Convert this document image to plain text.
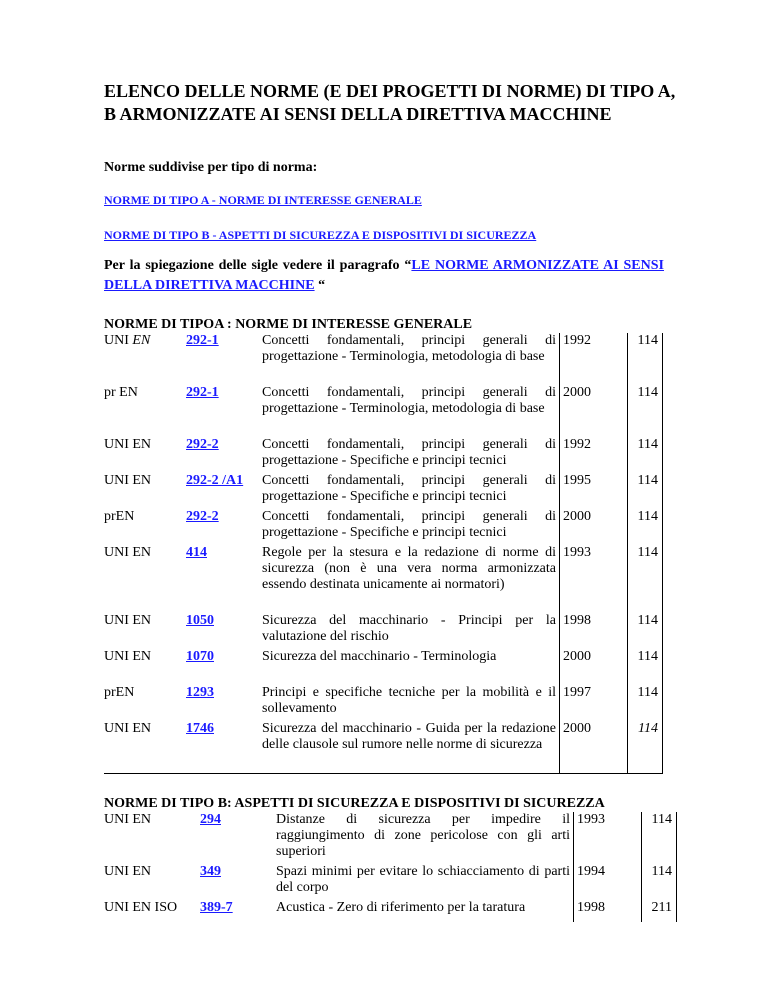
ELENCO DELLE NORME (E DEI PROGETTI DI NORME) DI TIPO A, B ARMONIZZATE AI SENSI DELLA DIRETTIVA MACCHINE
Norme suddivise per tipo di norma:
NORME DI TIPO A - NORME DI INTERESSE GENERALE
NORME DI TIPO B - ASPETTI DI SICUREZZA E DISPOSITIVI DI SICUREZZA
Per la spiegazione delle sigle vedere il paragrafo “LE NORME ARMONIZZATE AI SENSI DELLA DIRETTIVA MACCHINE “
NORME DI TIPOA : NORME DI INTERESSE GENERALE
UNI EN	292-1	Concetti fondamentali, principi generali di progettazione - Terminologia, metodologia di base	1992	114
pr EN	292-1	Concetti fondamentali, principi generali di progettazione - Terminologia, metodologia di base	2000	114
UNI EN	292-2	Concetti fondamentali, principi generali di progettazione - Specifiche e principi tecnici	1992	114
UNI EN	292-2 /A1	Concetti fondamentali, principi generali di progettazione - Specifiche e principi tecnici	1995	114
prEN	292-2	Concetti fondamentali, principi generali di progettazione - Specifiche e principi tecnici	2000	114
UNI EN	414	Regole per la stesura e la redazione di norme di sicurezza (non è una vera norma armonizzata essendo destinata unicamente ai normatori)	1993	114
UNI EN	1050	Sicurezza del macchinario - Principi per la valutazione del rischio	1998	114
UNI EN	1070	Sicurezza del macchinario - Terminologia	2000	114
prEN	1293	Principi e specifiche tecniche per la mobilità e il sollevamento	1997	114
UNI EN	1746	Sicurezza del macchinario - Guida per la redazione delle clausole sul rumore nelle norme di sicurezza	2000	114
NORME DI TIPO B: ASPETTI DI SICUREZZA E DISPOSITIVI DI SICUREZZA
UNI EN	294	Distanze di sicurezza per impedire il raggiungimento di zone pericolose con gli arti superiori	1993	114
UNI EN	349	Spazi minimi per evitare lo schiacciamento di parti del corpo	1994	114
UNI EN ISO	389-7	Acustica - Zero di riferimento per la taratura	1998	211
